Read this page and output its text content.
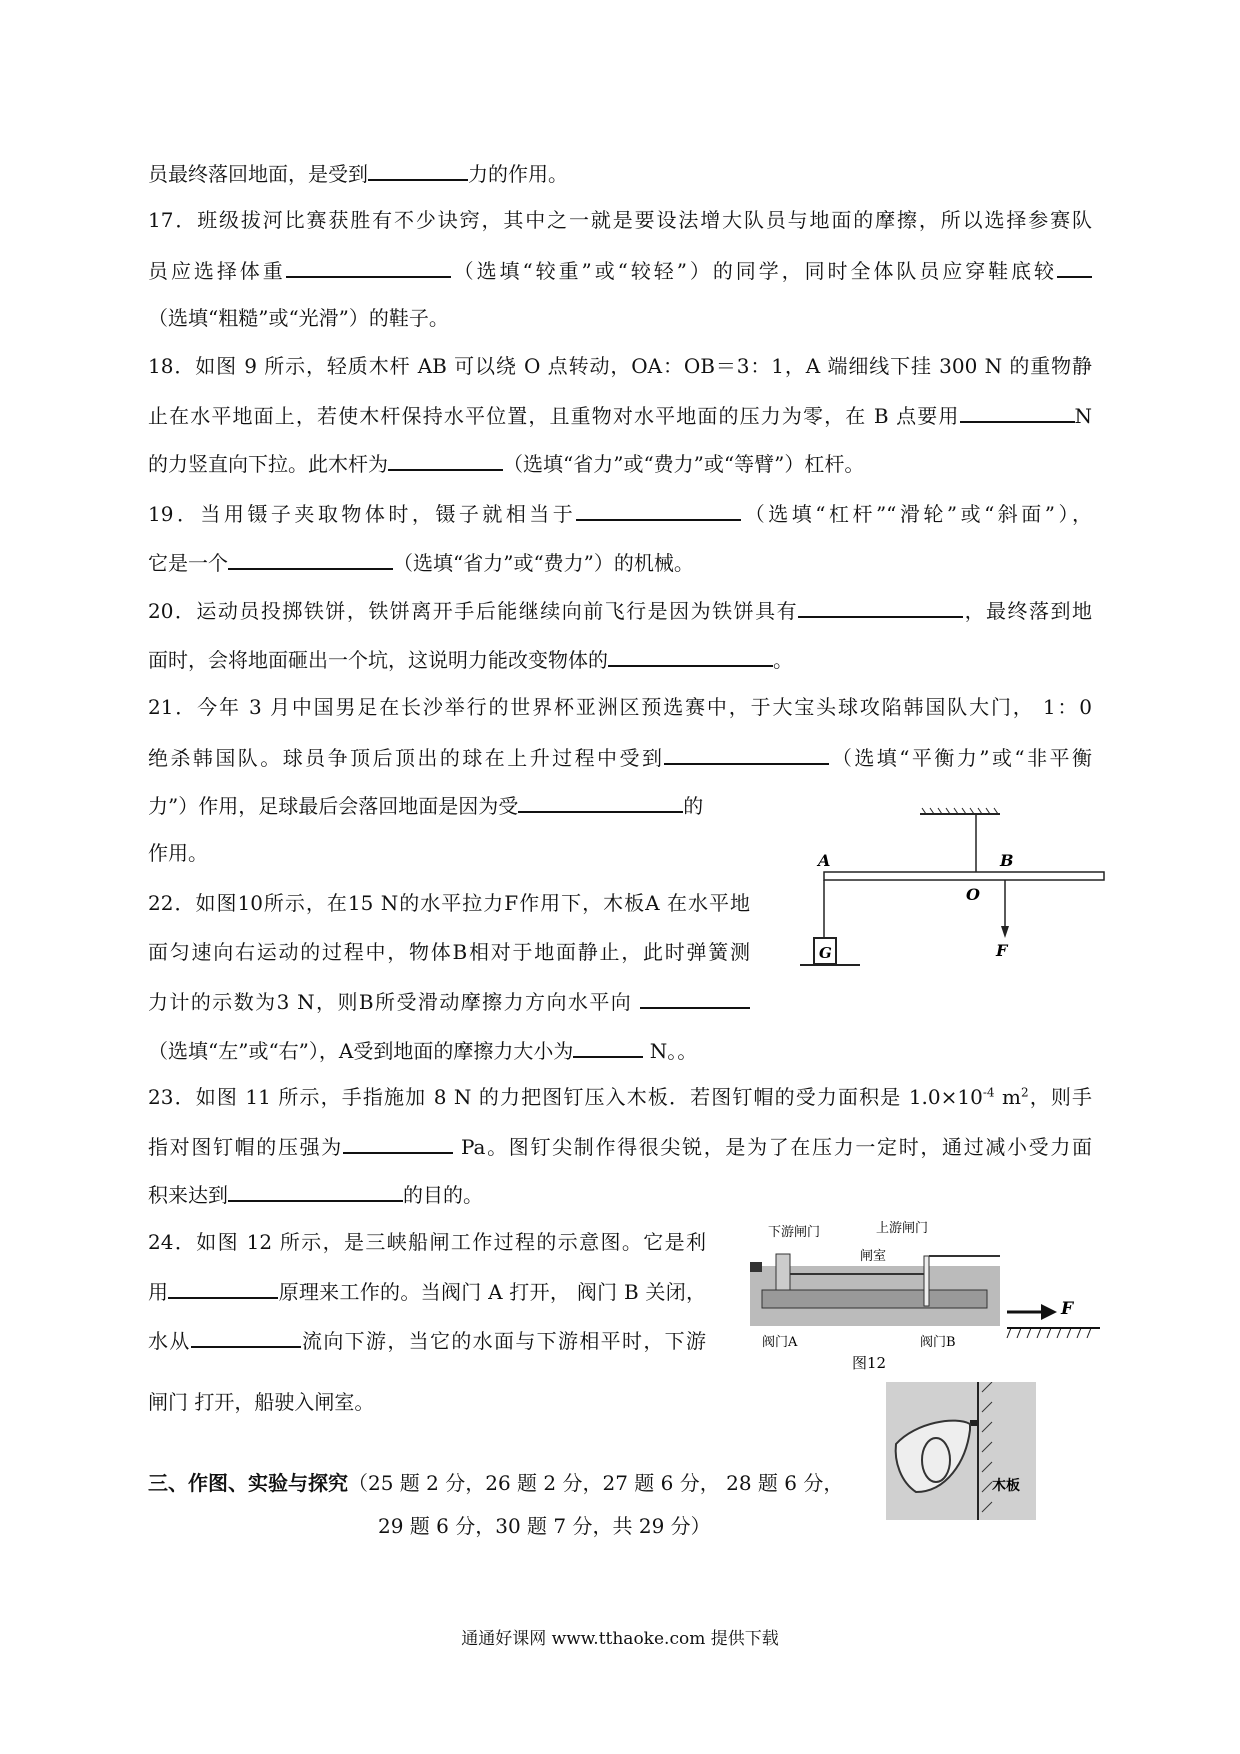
员最终落回地面，是受到	力的作用。
17．班级拔河比赛获胜有不少诀窍，其中之一就是要设法增大队员与地面的摩擦，所以选择参赛队
员应选择体重	（选填“较重”或“较轻”）的同学，同时全体队员应穿鞋底较
（选填“粗糙”或“光滑”）的鞋子。
18．如图 9 所示，轻质木杆 AB 可以绕 O 点转动，OA：OB＝3：1，A 端细线下挂 300 N 的重物静
止在水平地面上，若使木杆保持水平位置，且重物对水平地面的压力为零，在 B 点要用	N
的力竖直向下拉。此木杆为	（选填“省力”或“费力”或“等臂”）杠杆。
19．当用镊子夹取物体时，镊子就相当于	（选填“杠杆”“滑轮”或“斜面”），
它是一个	（选填“省力”或“费力”）的机械。
20．运动员投掷铁饼，铁饼离开手后能继续向前飞行是因为铁饼具有	，最终落到地
面时，会将地面砸出一个坑，这说明力能改变物体的	。
21．今年 3 月中国男足在长沙举行的世界杯亚洲区预选赛中，于大宝头球攻陷韩国队大门， 1：0
绝杀韩国队。球员争顶后顶出的球在上升过程中受到	（选填“平衡力”或“非平衡
力”）作用，足球最后会落回地面是因为受	的
作用。
22．如图10所示，在15 N的水平拉力F作用下，木板A 在水平地
面匀速向右运动的过程中，物体B相对于地面静止，此时弹簧测
力计的示数为3 N，则B所受滑动摩擦力方向水平向
（选填“左”或“右”），A受到地面的摩擦力大小为	N。。
23．如图 11 所示，手指施加 8 N 的力把图钉压入木板．若图钉帽的受力面积是 $1.0\times 10^{-4}$ $m^2$，则手
指对图钉帽的压强为	Pa。图钉尖制作得很尖锐，是为了在压力一定时，通过减小受力面
积来达到	的目的。
24．如图 12 所示，是三峡船闸工作过程的示意图。它是利
用	原理来工作的。当阀门 A 打开， 阀门 B 关闭，
水从	流向下游，当它的水面与下游相平时，下游
闸门 打开，船驶入闸室。
三、作图、实验与探究（25 题 2 分，26 题 2 分，27 题 6 分， 28 题 6 分，
29 题 6 分，30 题 7 分，共 29 分）
A	B
O
F
G
下游闸门	上游闸门
闸室
阀门A	阀门B
图12
F
木板
通通好课网 www.tthaoke.com 提供下载
